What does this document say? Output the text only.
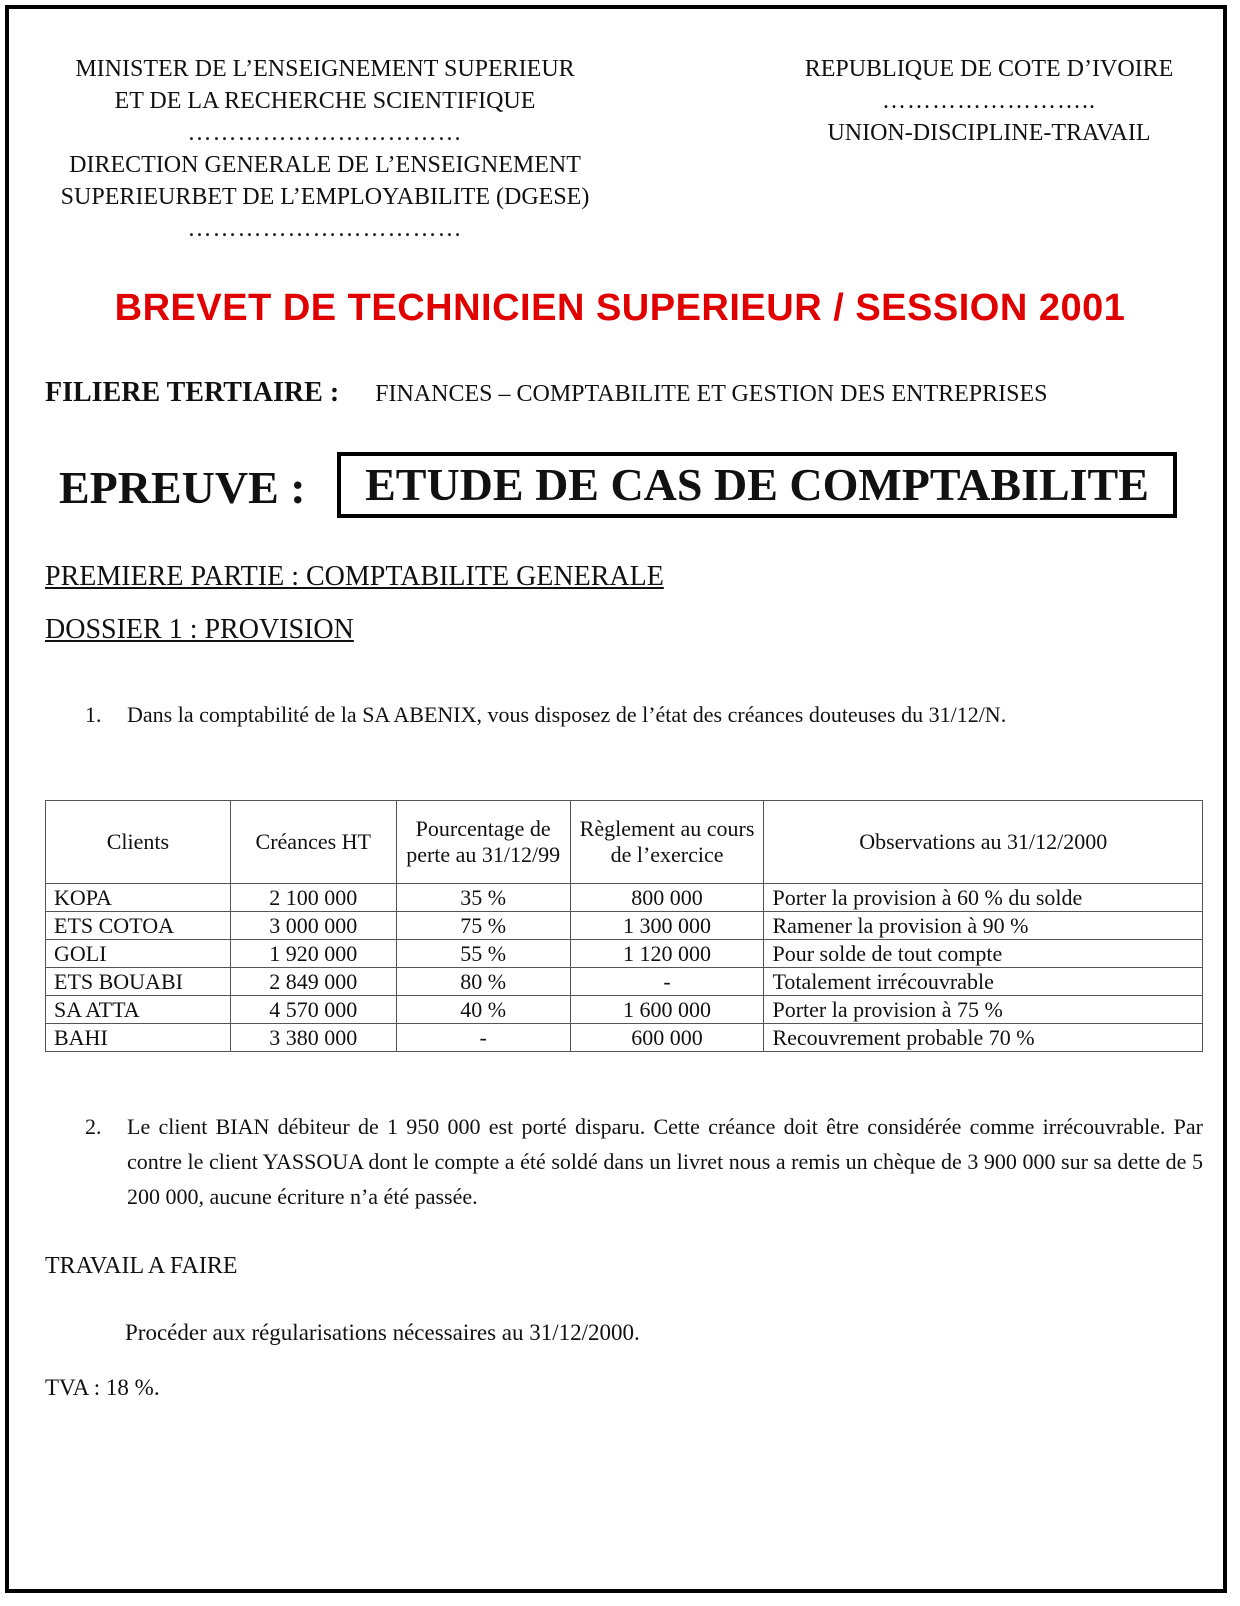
MINISTER DE L’ENSEIGNEMENT SUPERIEUR
ET DE LA RECHERCHE SCIENTIFIQUE
……………………………
DIRECTION GENERALE DE L’ENSEIGNEMENT
SUPERIEURBET DE L’EMPLOYABILITE (DGESE)
……………………………
REPUBLIQUE DE COTE D’IVOIRE
……………………..
UNION-DISCIPLINE-TRAVAIL
BREVET DE TECHNICIEN SUPERIEUR / SESSION 2001
FILIERE TERTIAIRE : FINANCES – COMPTABILITE ET GESTION DES ENTREPRISES
EPREUVE :	ETUDE DE CAS DE COMPTABILITE
PREMIERE PARTIE : COMPTABILITE GENERALE
DOSSIER 1 : PROVISION
1. Dans la comptabilité de la SA ABENIX, vous disposez de l’état des créances douteuses du 31/12/N.
Clients	Créances HT	Pourcentage de perte au 31/12/99	Règlement au cours de l’exercice	Observations au 31/12/2000
KOPA	2 100 000	35 %	800 000	Porter la provision à 60 % du solde
ETS COTOA	3 000 000	75 %	1 300 000	Ramener la provision à 90 %
GOLI	1 920 000	55 %	1 120 000	Pour solde de tout compte
ETS BOUABI	2 849 000	80 %	-	Totalement irrécouvrable
SA ATTA	4 570 000	40 %	1 600 000	Porter la provision à 75 %
BAHI	3 380 000	-	600 000	Recouvrement probable 70 %
2. Le client BIAN débiteur de 1 950 000 est porté disparu. Cette créance doit être considérée comme irrécouvrable. Par contre le client YASSOUA dont le compte a été soldé dans un livret nous a remis un chèque de 3 900 000 sur sa dette de 5 200 000, aucune écriture n’a été passée.
TRAVAIL A FAIRE
Procéder aux régularisations nécessaires au 31/12/2000.
TVA : 18 %.
